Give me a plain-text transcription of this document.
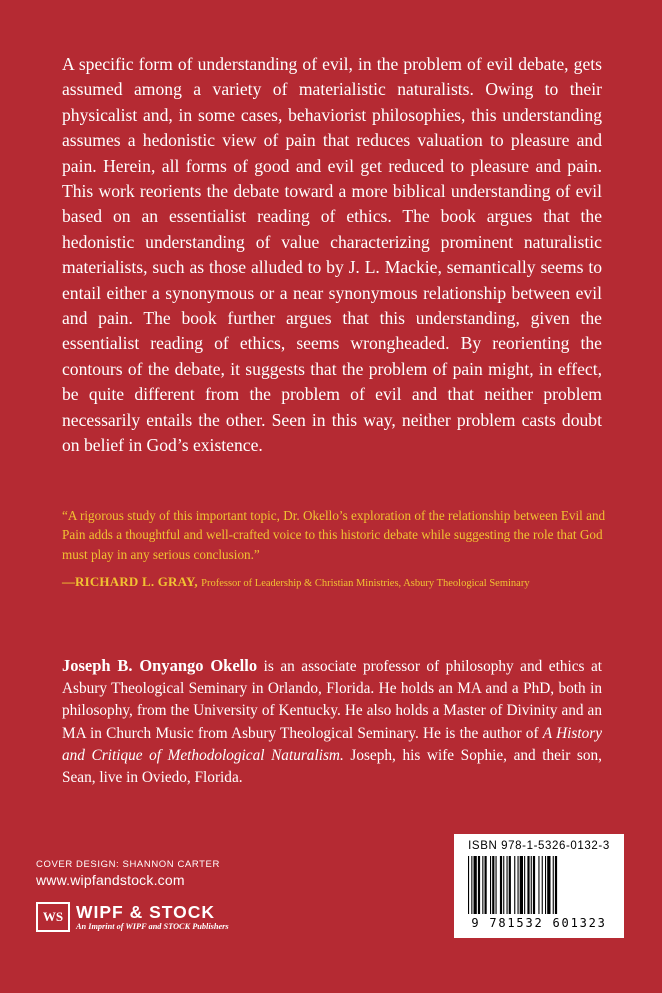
A specific form of understanding of evil, in the problem of evil debate, gets assumed among a variety of materialistic naturalists. Owing to their physicalist and, in some cases, behaviorist philosophies, this understanding assumes a hedonistic view of pain that reduces valuation to pleasure and pain. Herein, all forms of good and evil get reduced to pleasure and pain. This work reorients the debate toward a more biblical understanding of evil based on an essentialist reading of ethics. The book argues that the hedonistic understanding of value characterizing prominent naturalistic materialists, such as those alluded to by J. L. Mackie, semantically seems to entail either a synonymous or a near synonymous relationship between evil and pain. The book further argues that this understanding, given the essentialist reading of ethics, seems wrongheaded. By reorienting the contours of the debate, it suggests that the problem of pain might, in effect, be quite different from the problem of evil and that neither problem necessarily entails the other. Seen in this way, neither problem casts doubt on belief in God’s existence.

“A rigorous study of this important topic, Dr. Okello’s exploration of the relationship between Evil and Pain adds a thoughtful and well-crafted voice to this historic debate while suggesting the role that God must play in any serious conclusion.”

—RICHARD L. GRAY, Professor of Leadership & Christian Ministries, Asbury Theological Seminary

Joseph B. Onyango Okello is an associate professor of philosophy and ethics at Asbury Theological Seminary in Orlando, Florida. He holds an MA and a PhD, both in philosophy, from the University of Kentucky. He also holds a Master of Divinity and an MA in Church Music from Asbury Theological Seminary. He is the author of A History and Critique of Methodological Naturalism. Joseph, his wife Sophie, and their son, Sean, live in Oviedo, Florida.

COVER DESIGN: SHANNON CARTER

www.wipfandstock.com

WS WIPF & STOCK

An Imprint of WIPF and STOCK Publishers

ISBN 978-1-5326-0132-3

9 781532 601323
